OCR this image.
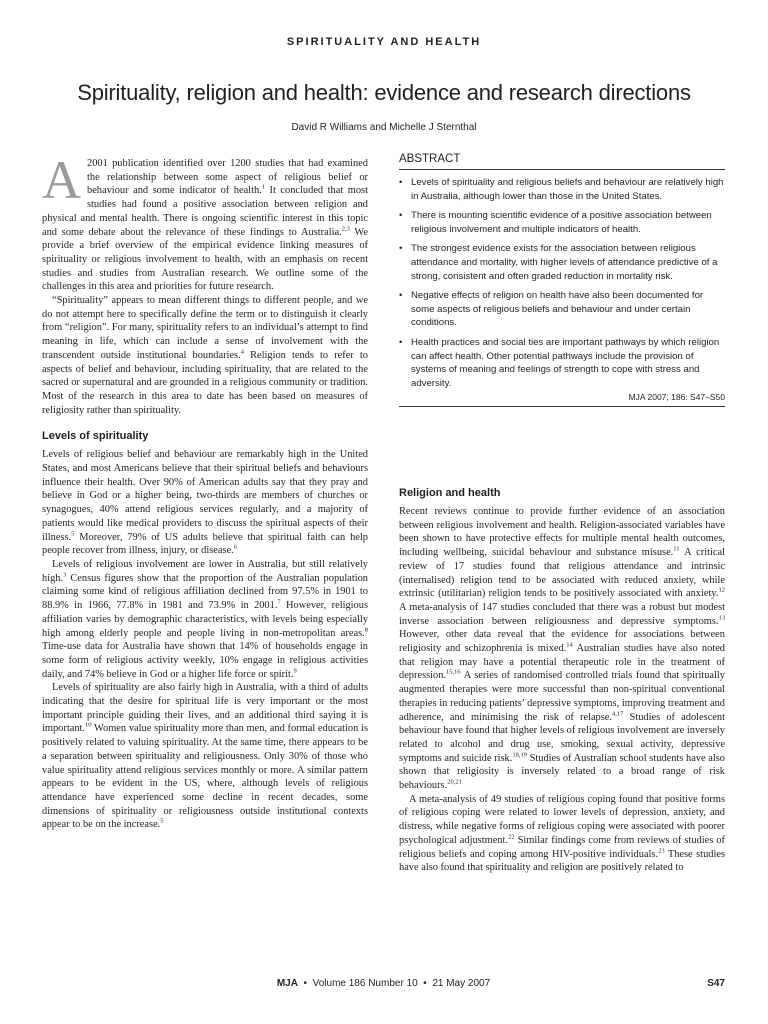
SPIRITUALITY AND HEALTH
Spirituality, religion and health: evidence and research directions
David R Williams and Michelle J Sternthal

A 2001 publication identified over 1200 studies that had examined the relationship between some aspect of religious belief or behaviour and some indicator of health.$^1$ It concluded that most studies had found a positive association between religion and physical and mental health. There is ongoing scientific interest in this topic and some debate about the relevance of these findings to Australia.$^{2,3}$ We provide a brief overview of the empirical evidence linking measures of spirituality or religious involvement to health, with an emphasis on recent studies and studies from Australian research. We outline some of the challenges in this area and priorities for future research.

“Spirituality” appears to mean different things to different people, and we do not attempt here to specifically define the term or to distinguish it clearly from “religion”. For many, spirituality refers to an individual’s attempt to find meaning in life, which can include a sense of involvement with the transcendent outside institutional boundaries.$^4$ Religion tends to refer to aspects of belief and behaviour, including spirituality, that are related to the sacred or supernatural and are grounded in a religious community or tradition. Most of the research in this area to date has been based on measures of religiosity rather than spirituality.

Levels of spirituality

Levels of religious belief and behaviour are remarkably high in the United States, and most Americans believe that their spiritual beliefs and behaviours influence their health. Over 90% of American adults say that they pray and believe in God or a higher being, two-thirds are members of churches or synagogues, 40% attend religious services regularly, and a majority of patients would like medical providers to discuss the spiritual aspects of their illness.$^5$ Moreover, 79% of US adults believe that spiritual faith can help people recover from illness, injury, or disease.$^6$

Levels of religious involvement are lower in Australia, but still relatively high.$^3$ Census figures show that the proportion of the Australian population claiming some kind of religious affiliation declined from 97.5% in 1901 to 88.9% in 1966, 77.8% in 1981 and 73.9% in 2001.$^7$ However, religious affiliation varies by demographic characteristics, with levels being especially high among elderly people and people living in non-metropolitan areas.$^8$ Time-use data for Australia have shown that 14% of households engage in some form of religious activity weekly, 10% engage in religious activities daily, and 74% believe in God or a higher life force or spirit.$^9$

Levels of spirituality are also fairly high in Australia, with a third of adults indicating that the desire for spiritual life is very important or the most important principle guiding their lives, and an additional third saying it is important.$^{10}$ Women value spirituality more than men, and formal education is positively related to valuing spirituality. At the same time, there appears to be a separation between spirituality and religiousness. Only 30% of those who value spirituality attend religious services monthly or more. A similar pattern appears to be evident in the US, where, although levels of religious attendance have experienced some decline in recent decades, some dimensions of spirituality or religiousness outside institutional contexts appear to be on the increase.$^5$

ABSTRACT
• Levels of spirituality and religious beliefs and behaviour are relatively high in Australia, although lower than those in the United States.
• There is mounting scientific evidence of a positive association between religious involvement and multiple indicators of health.
• The strongest evidence exists for the association between religious attendance and mortality, with higher levels of attendance predictive of a strong, consistent and often graded reduction in mortality risk.
• Negative effects of religion on health have also been documented for some aspects of religious beliefs and behaviour and under certain conditions.
• Health practices and social ties are important pathways by which religion can affect health. Other potential pathways include the provision of systems of meaning and feelings of strength to cope with stress and adversity.
MJA 2007; 186: S47–S50
Religion and health

Recent reviews continue to provide further evidence of an association between religious involvement and health. Religion-associated variables have been shown to have protective effects for multiple mental health outcomes, including wellbeing, suicidal behaviour and substance misuse.$^{11}$ A critical review of 17 studies found that religious attendance and intrinsic (internalised) religion tend to be associated with reduced anxiety, while extrinsic (utilitarian) religion tends to be positively associated with anxiety.$^{12}$ A meta-analysis of 147 studies concluded that there was a robust but modest inverse association between religiousness and depressive symptoms.$^{13}$ However, other data reveal that the evidence for associations between religiosity and schizophrenia is mixed.$^{14}$ Australian studies have also noted that religion may have a potential therapeutic role in the treatment of depression.$^{15,16}$ A series of randomised controlled trials found that spiritually augmented therapies were more successful than non-spiritual conventional therapies in reducing patients’ depressive symptoms, improving treatment and adherence, and minimising the risk of relapse.$^{4,17}$ Studies of adolescent behaviour have found that higher levels of religious involvement are inversely related to alcohol and drug use, smoking, sexual activity, depressive symptoms and suicide risk.$^{18,19}$ Studies of Australian school students have also shown that religiosity is inversely related to a broad range of risk behaviours.$^{20,21}$

A meta-analysis of 49 studies of religious coping found that positive forms of religious coping were related to lower levels of depression, anxiety, and distress, while negative forms of religious coping were associated with poorer psychological adjustment.$^{22}$ Similar findings come from reviews of studies of religious beliefs and coping among HIV-positive individuals.$^{23}$ These studies have also found that spirituality and religion are positively related to

MJA • Volume 186 Number 10 • 21 May 2007	S47
